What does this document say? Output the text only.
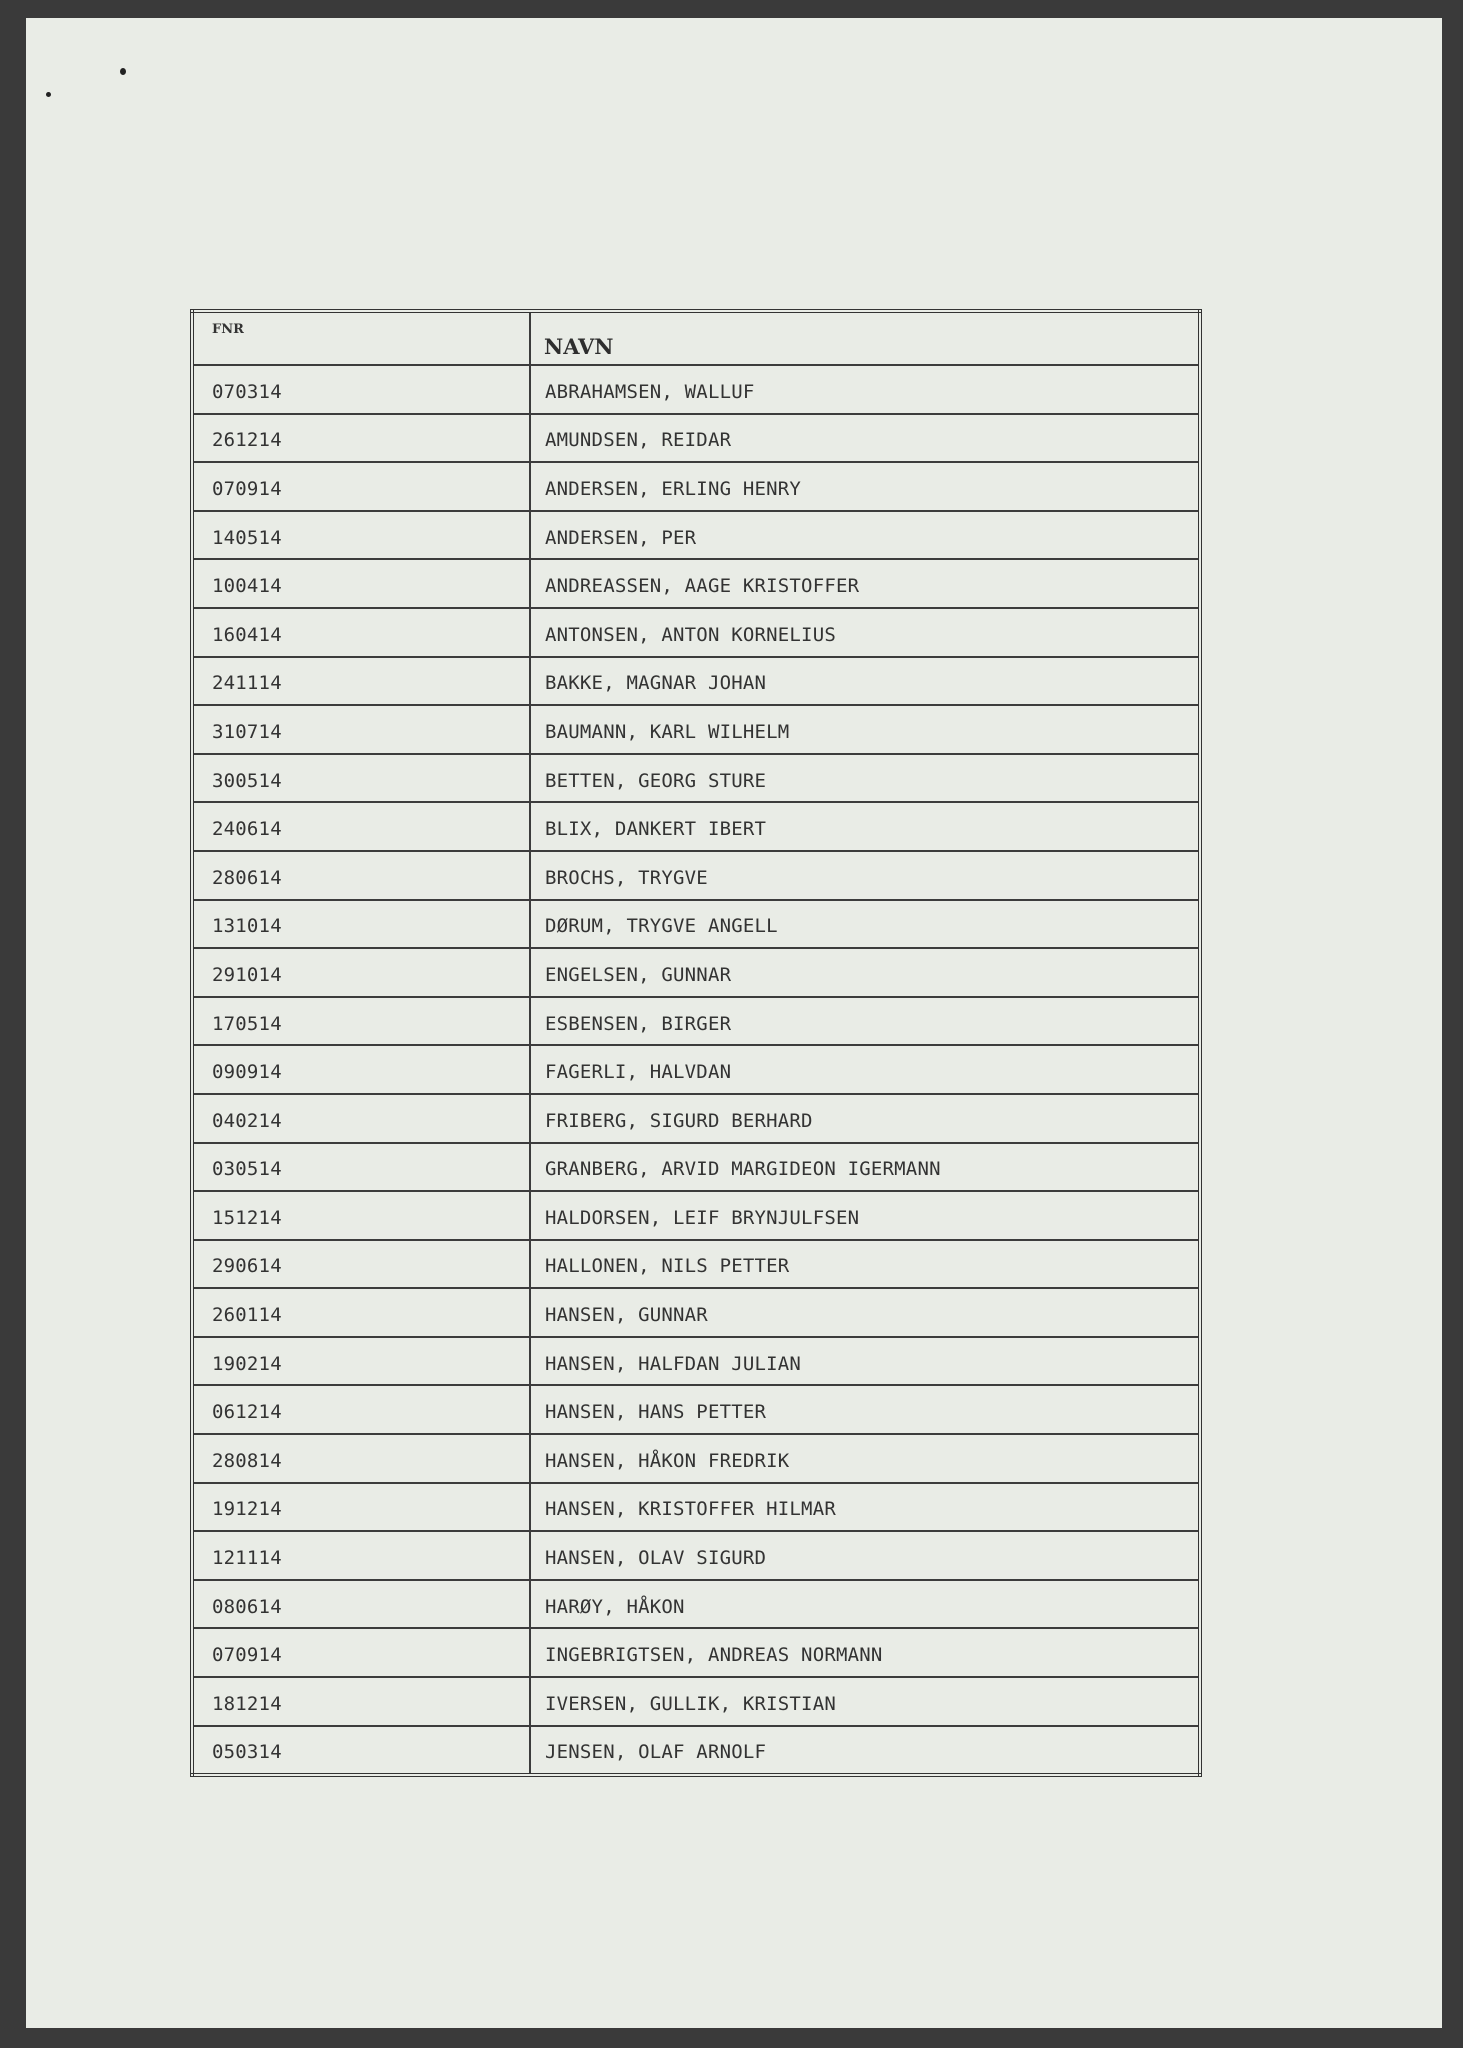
FNR	NAVN

070314	ABRAHAMSEN, WALLUF
261214	AMUNDSEN, REIDAR
070914	ANDERSEN, ERLING HENRY
140514	ANDERSEN, PER
100414	ANDREASSEN, AAGE KRISTOFFER
160414	ANTONSEN, ANTON KORNELIUS
241114	BAKKE, MAGNAR JOHAN
310714	BAUMANN, KARL WILHELM
300514	BETTEN, GEORG STURE
240614	BLIX, DANKERT IBERT
280614	BROCHS, TRYGVE
131014	DØRUM, TRYGVE ANGELL
291014	ENGELSEN, GUNNAR
170514	ESBENSEN, BIRGER
090914	FAGERLI, HALVDAN
040214	FRIBERG, SIGURD BERHARD
030514	GRANBERG, ARVID MARGIDEON IGERMANN
151214	HALDORSEN, LEIF BRYNJULFSEN
290614	HALLONEN, NILS PETTER
260114	HANSEN, GUNNAR
190214	HANSEN, HALFDAN JULIAN
061214	HANSEN, HANS PETTER
280814	HANSEN, HÅKON FREDRIK
191214	HANSEN, KRISTOFFER HILMAR
121114	HANSEN, OLAV SIGURD
080614	HARØY, HÅKON
070914	INGEBRIGTSEN, ANDREAS NORMANN
181214	IVERSEN, GULLIK, KRISTIAN
050314	JENSEN, OLAF ARNOLF
